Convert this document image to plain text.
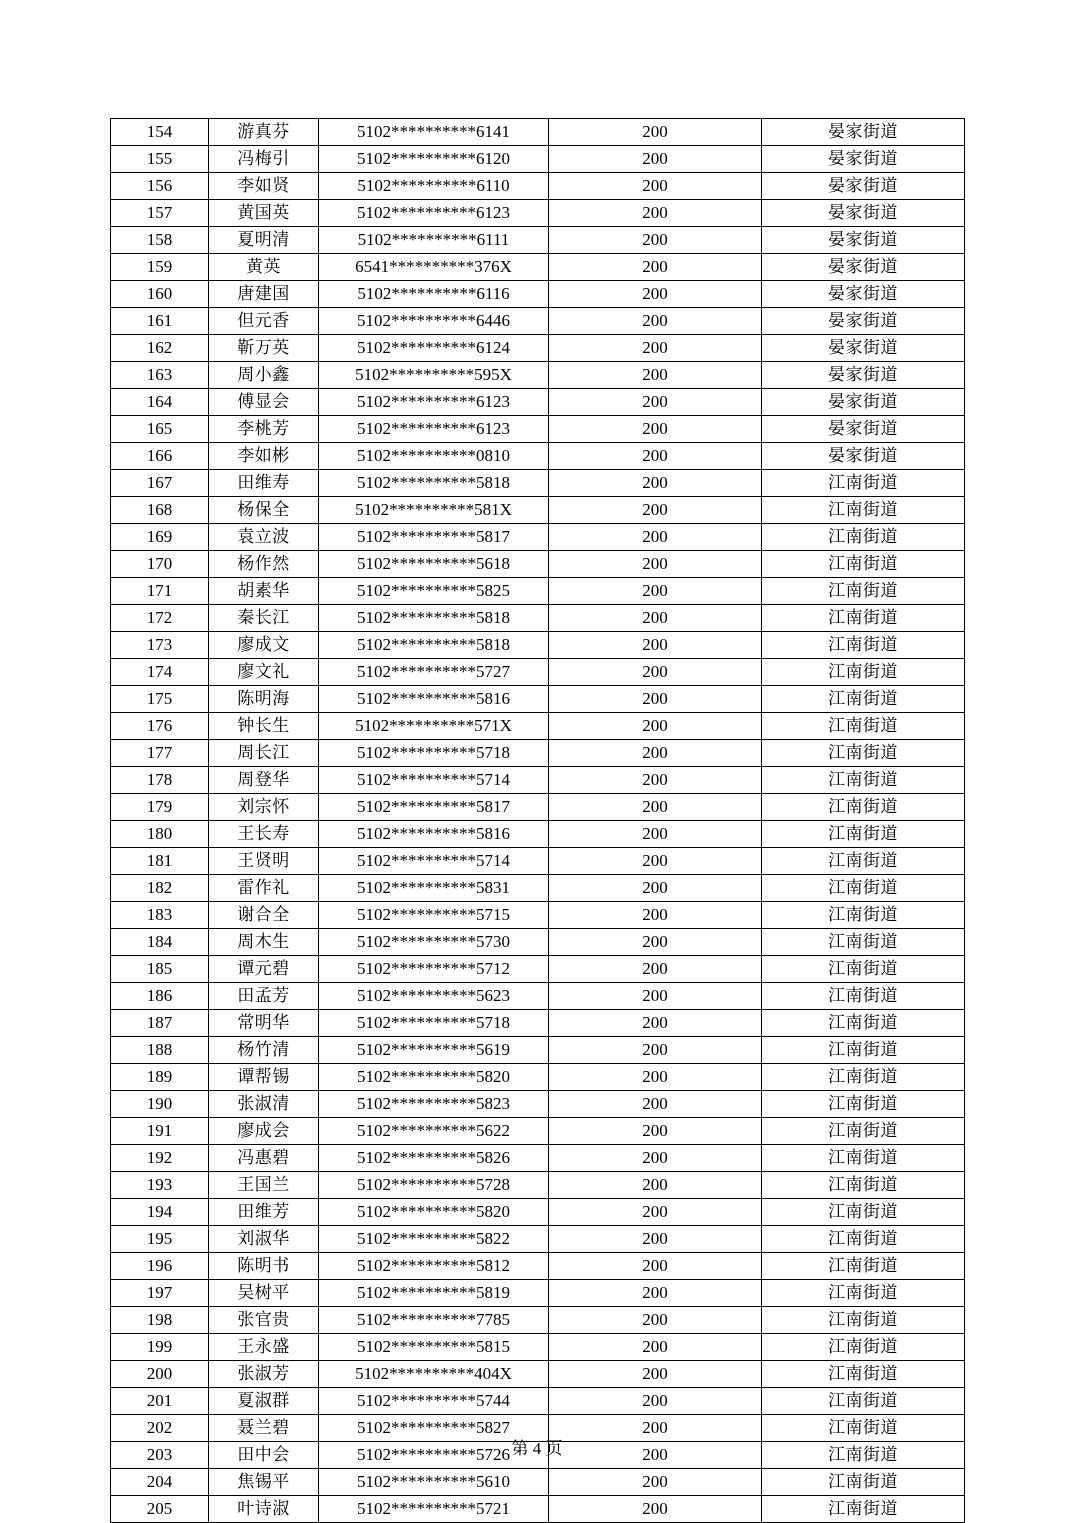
154	游真芬	5102**********6141	200	晏家街道
155	冯梅引	5102**********6120	200	晏家街道
156	李如贤	5102**********6110	200	晏家街道
157	黄国英	5102**********6123	200	晏家街道
158	夏明清	5102**********6111	200	晏家街道
159	黄英	6541**********376X	200	晏家街道
160	唐建国	5102**********6116	200	晏家街道
161	但元香	5102**********6446	200	晏家街道
162	靳万英	5102**********6124	200	晏家街道
163	周小鑫	5102**********595X	200	晏家街道
164	傅显会	5102**********6123	200	晏家街道
165	李桃芳	5102**********6123	200	晏家街道
166	李如彬	5102**********0810	200	晏家街道
167	田维寿	5102**********5818	200	江南街道
168	杨保全	5102**********581X	200	江南街道
169	袁立波	5102**********5817	200	江南街道
170	杨作然	5102**********5618	200	江南街道
171	胡素华	5102**********5825	200	江南街道
172	秦长江	5102**********5818	200	江南街道
173	廖成文	5102**********5818	200	江南街道
174	廖文礼	5102**********5727	200	江南街道
175	陈明海	5102**********5816	200	江南街道
176	钟长生	5102**********571X	200	江南街道
177	周长江	5102**********5718	200	江南街道
178	周登华	5102**********5714	200	江南街道
179	刘宗怀	5102**********5817	200	江南街道
180	王长寿	5102**********5816	200	江南街道
181	王贤明	5102**********5714	200	江南街道
182	雷作礼	5102**********5831	200	江南街道
183	谢合全	5102**********5715	200	江南街道
184	周木生	5102**********5730	200	江南街道
185	谭元碧	5102**********5712	200	江南街道
186	田孟芳	5102**********5623	200	江南街道
187	常明华	5102**********5718	200	江南街道
188	杨竹清	5102**********5619	200	江南街道
189	谭帮锡	5102**********5820	200	江南街道
190	张淑清	5102**********5823	200	江南街道
191	廖成会	5102**********5622	200	江南街道
192	冯惠碧	5102**********5826	200	江南街道
193	王国兰	5102**********5728	200	江南街道
194	田维芳	5102**********5820	200	江南街道
195	刘淑华	5102**********5822	200	江南街道
196	陈明书	5102**********5812	200	江南街道
197	吴树平	5102**********5819	200	江南街道
198	张官贵	5102**********7785	200	江南街道
199	王永盛	5102**********5815	200	江南街道
200	张淑芳	5102**********404X	200	江南街道
201	夏淑群	5102**********5744	200	江南街道
202	聂兰碧	5102**********5827	200	江南街道
203	田中会	5102**********5726	200	江南街道
204	焦锡平	5102**********5610	200	江南街道
205	叶诗淑	5102**********5721	200	江南街道
第 4 页
